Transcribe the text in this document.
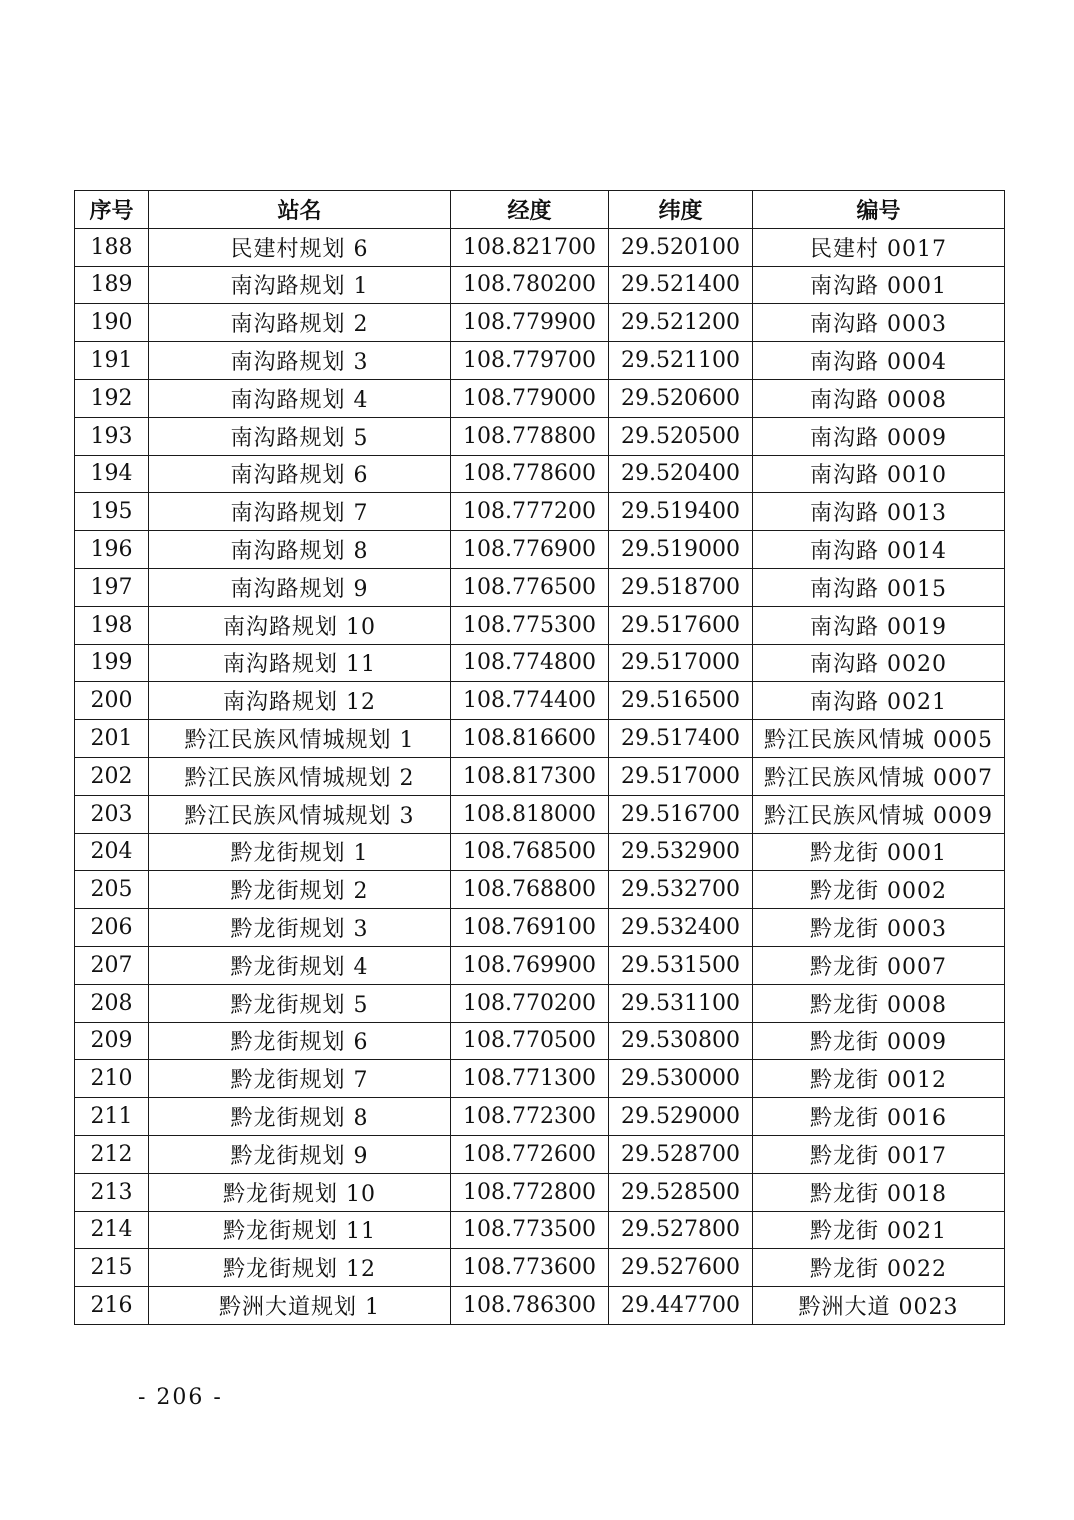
序号	站名	经度	纬度	编号
188	民建村规划 6	108.821700	29.520100	民建村 0017
189	南沟路规划 1	108.780200	29.521400	南沟路 0001
190	南沟路规划 2	108.779900	29.521200	南沟路 0003
191	南沟路规划 3	108.779700	29.521100	南沟路 0004
192	南沟路规划 4	108.779000	29.520600	南沟路 0008
193	南沟路规划 5	108.778800	29.520500	南沟路 0009
194	南沟路规划 6	108.778600	29.520400	南沟路 0010
195	南沟路规划 7	108.777200	29.519400	南沟路 0013
196	南沟路规划 8	108.776900	29.519000	南沟路 0014
197	南沟路规划 9	108.776500	29.518700	南沟路 0015
198	南沟路规划 10	108.775300	29.517600	南沟路 0019
199	南沟路规划 11	108.774800	29.517000	南沟路 0020
200	南沟路规划 12	108.774400	29.516500	南沟路 0021
201	黔江民族风情城规划 1	108.816600	29.517400	黔江民族风情城 0005
202	黔江民族风情城规划 2	108.817300	29.517000	黔江民族风情城 0007
203	黔江民族风情城规划 3	108.818000	29.516700	黔江民族风情城 0009
204	黔龙街规划 1	108.768500	29.532900	黔龙街 0001
205	黔龙街规划 2	108.768800	29.532700	黔龙街 0002
206	黔龙街规划 3	108.769100	29.532400	黔龙街 0003
207	黔龙街规划 4	108.769900	29.531500	黔龙街 0007
208	黔龙街规划 5	108.770200	29.531100	黔龙街 0008
209	黔龙街规划 6	108.770500	29.530800	黔龙街 0009
210	黔龙街规划 7	108.771300	29.530000	黔龙街 0012
211	黔龙街规划 8	108.772300	29.529000	黔龙街 0016
212	黔龙街规划 9	108.772600	29.528700	黔龙街 0017
213	黔龙街规划 10	108.772800	29.528500	黔龙街 0018
214	黔龙街规划 11	108.773500	29.527800	黔龙街 0021
215	黔龙街规划 12	108.773600	29.527600	黔龙街 0022
216	黔洲大道规划 1	108.786300	29.447700	黔洲大道 0023
- 206 -
